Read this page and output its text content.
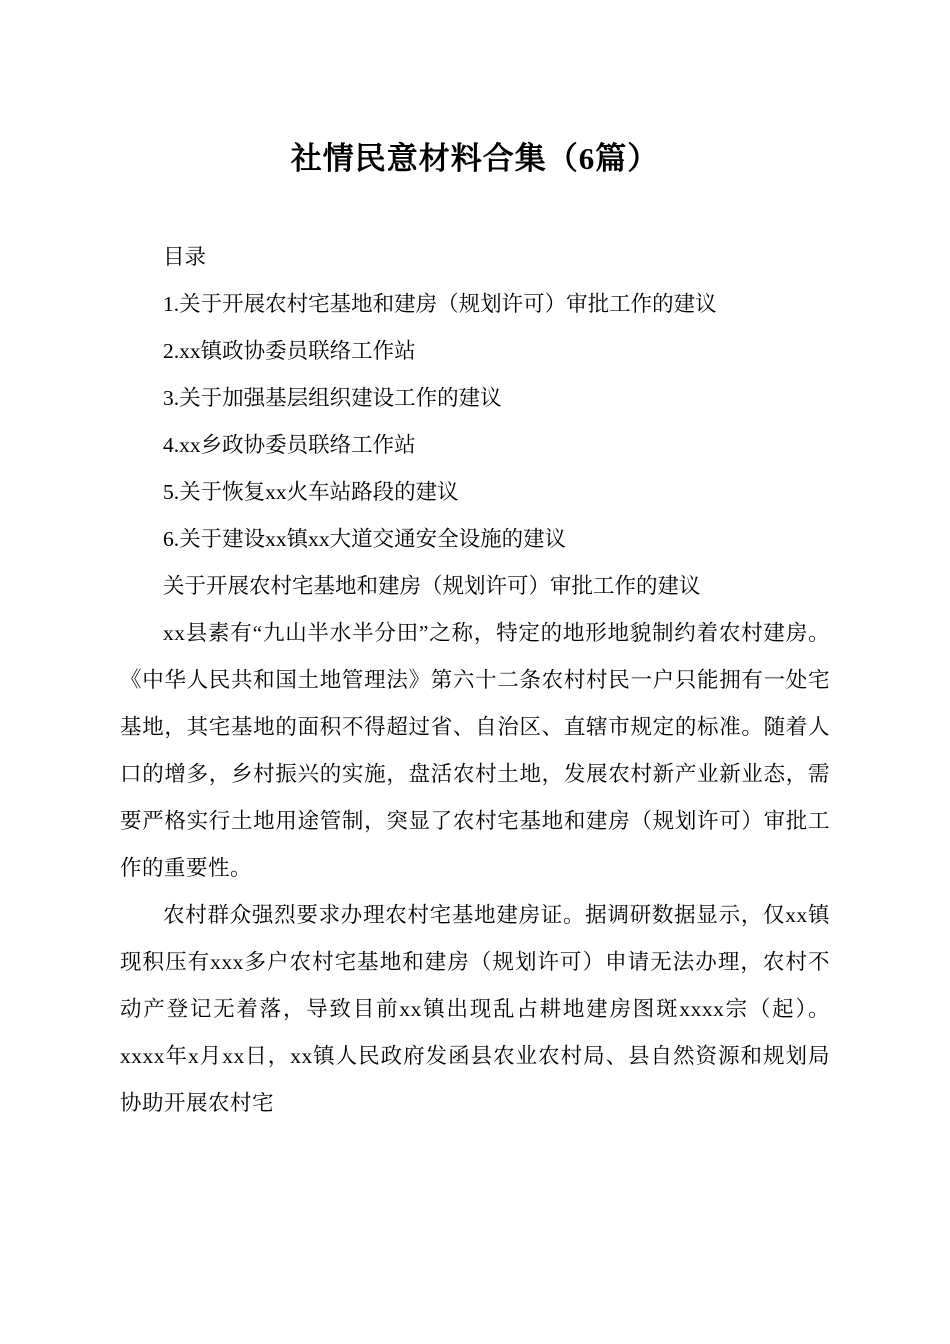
社情民意材料合集（6篇）
目录
1.关于开展农村宅基地和建房（规划许可）审批工作的建议
2.xx镇政协委员联络工作站
3.关于加强基层组织建设工作的建议
4.xx乡政协委员联络工作站
5.关于恢复xx火车站路段的建议
6.关于建设xx镇xx大道交通安全设施的建议
关于开展农村宅基地和建房（规划许可）审批工作的建议

xx县素有“九山半水半分田”之称，特定的地形地貌制约着农村建房。《中华人民共和国土地管理法》第六十二条农村村民一户只能拥有一处宅基地，其宅基地的面积不得超过省、自治区、直辖市规定的标准。随着人口的增多，乡村振兴的实施，盘活农村土地，发展农村新产业新业态，需要严格实行土地用途管制，突显了农村宅基地和建房（规划许可）审批工作的重要性。

农村群众强烈要求办理农村宅基地建房证。据调研数据显示，仅xx镇现积压有xxx多户农村宅基地和建房（规划许可）申请无法办理，农村不动产登记无着落，导致目前xx镇出现乱占耕地建房图斑xxxx宗（起）。xxxx年x月xx日，xx镇人民政府发函县农业农村局、县自然资源和规划局协助开展农村宅
